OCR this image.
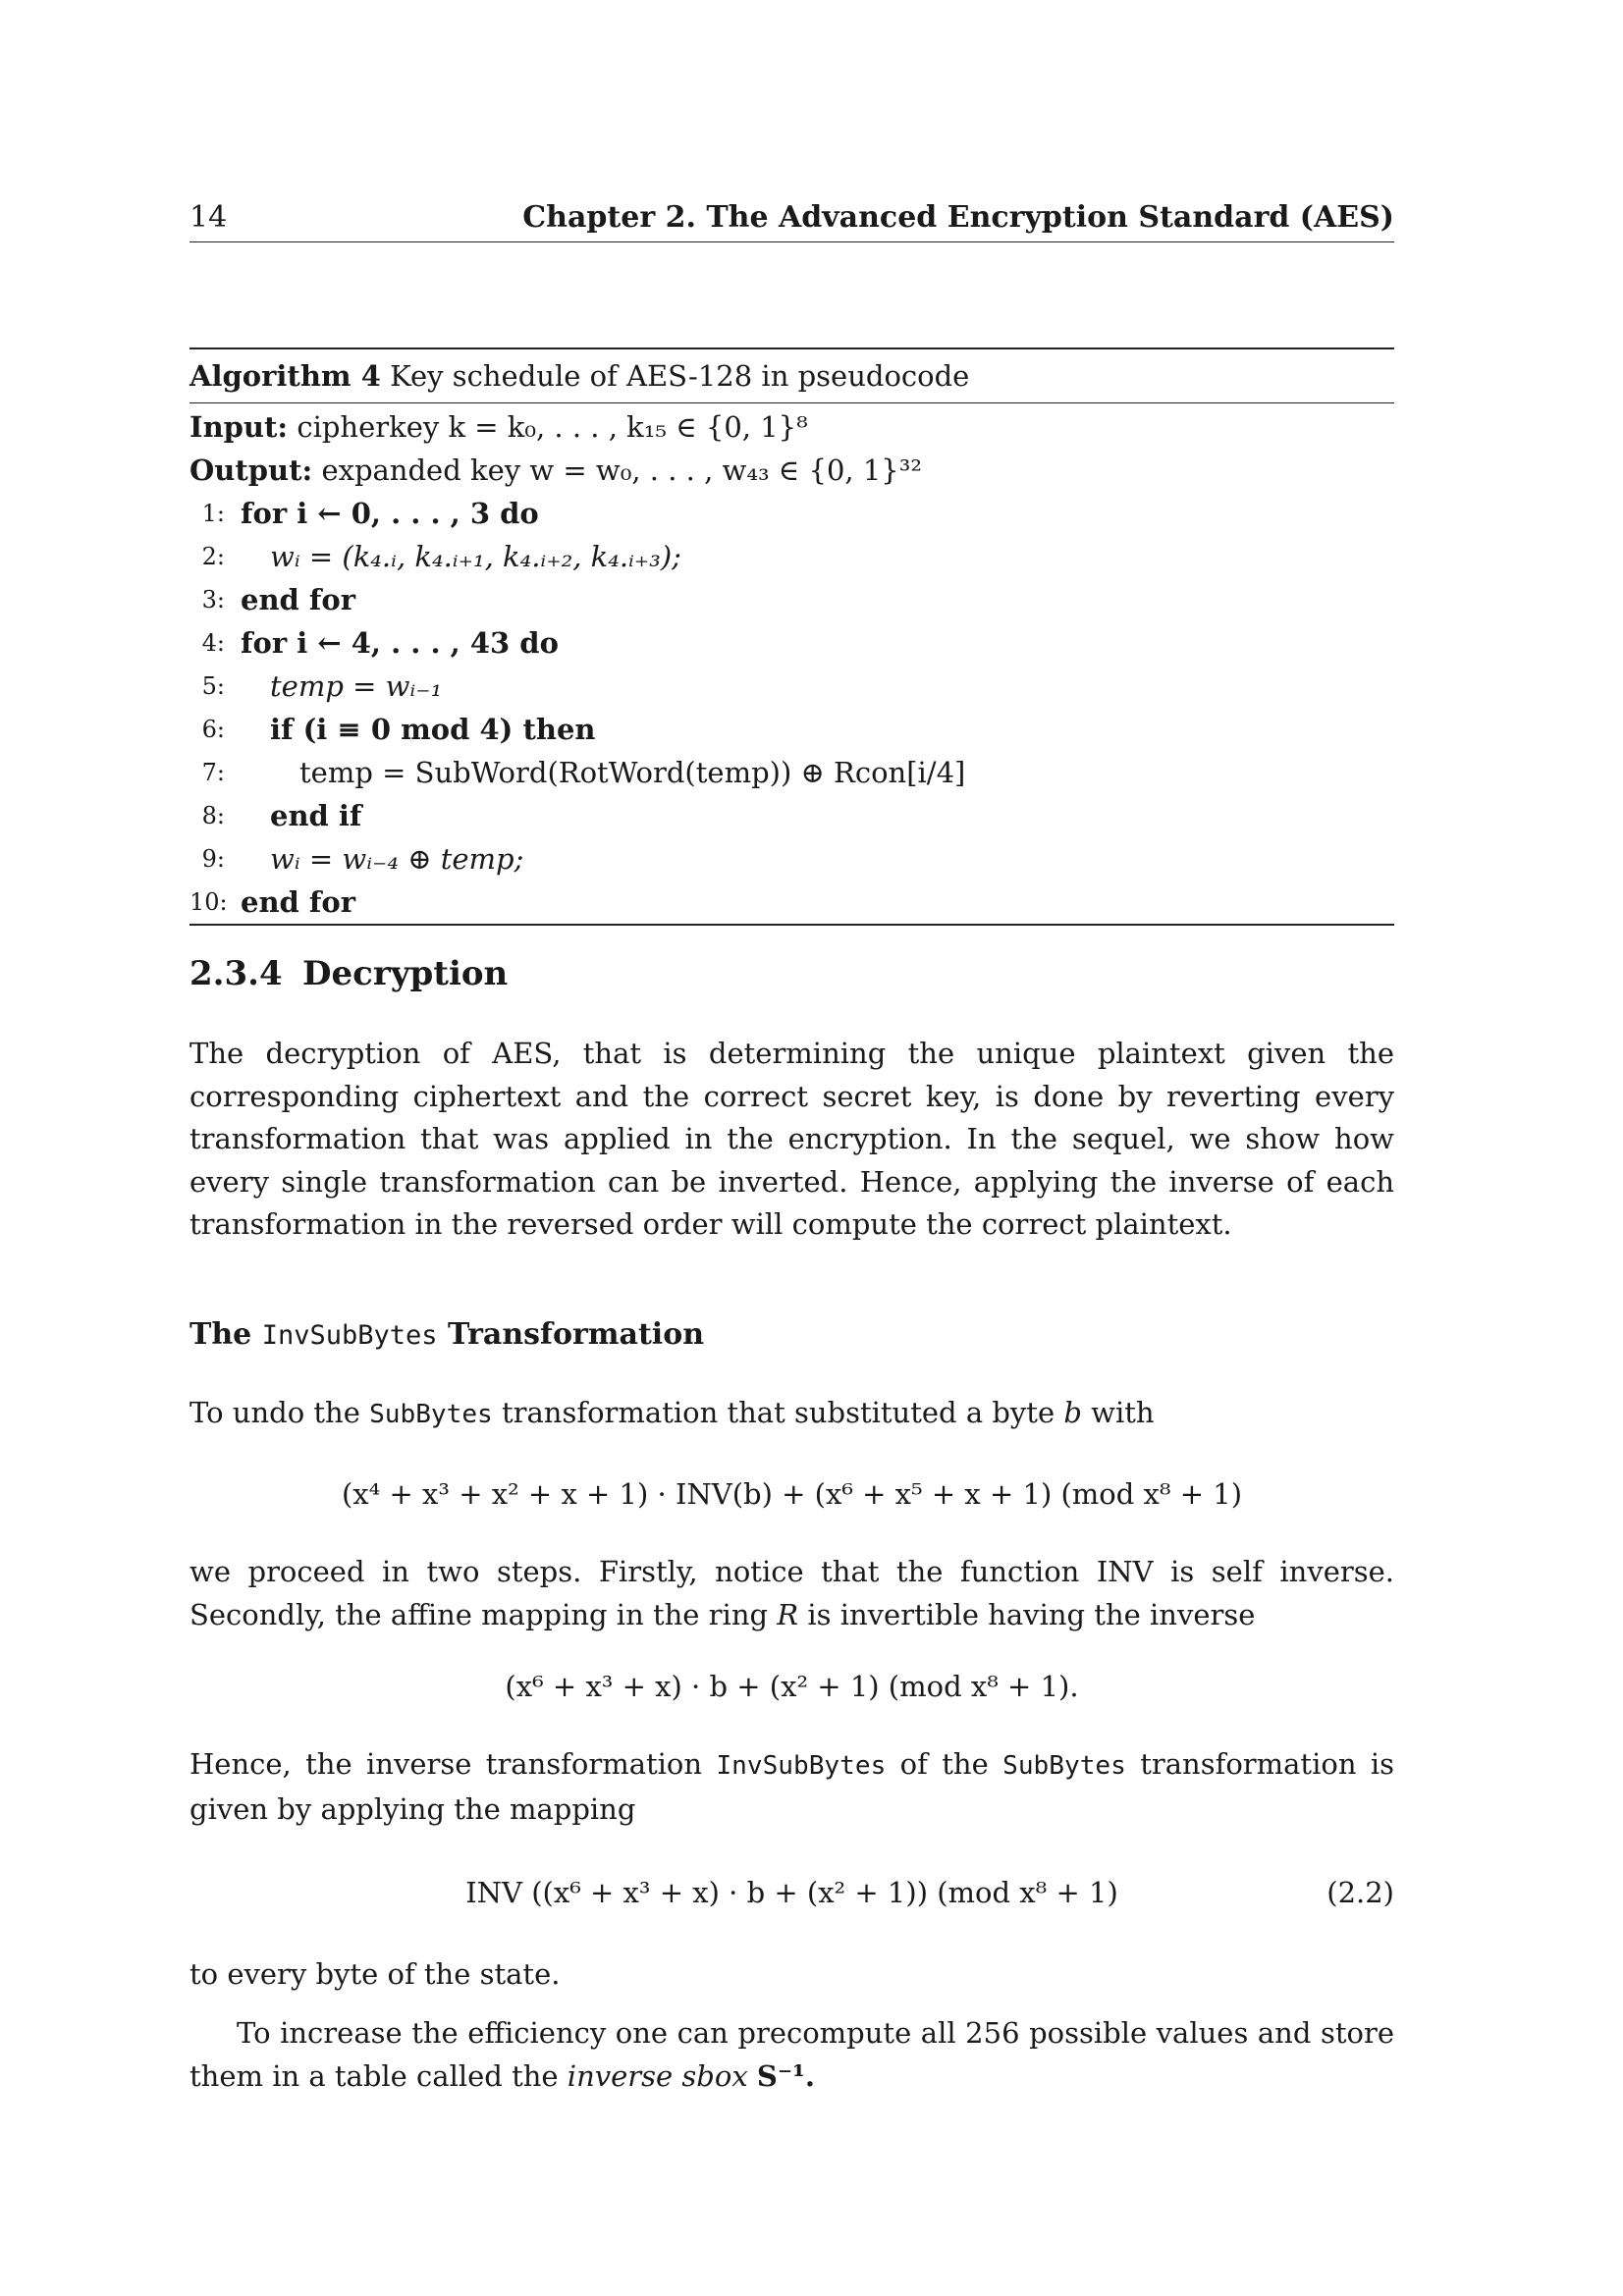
14	Chapter 2. The Advanced Encryption Standard (AES)
Algorithm 4 Key schedule of AES-128 in pseudocode
Input: cipherkey k = k₀, . . . , k₁₅ ∈ {0, 1}⁸
Output: expanded key w = w₀, . . . , w₄₃ ∈ {0, 1}³²
1: for i ← 0, . . . , 3 do
2: wᵢ = (k₄.ᵢ, k₄.ᵢ₊₁, k₄.ᵢ₊₂, k₄.ᵢ₊₃);
3: end for
4: for i ← 4, . . . , 43 do
5: temp = wᵢ₋₁
6: if (i ≡ 0 mod 4) then
7:	temp = SubWord(RotWord(temp)) ⊕ Rcon[i/4]
8: end if
9: wᵢ = wᵢ₋₄ ⊕ temp;
10: end for
2.3.4 Decryption

The decryption of AES, that is determining the unique plaintext given the corresponding ciphertext and the correct secret key, is done by reverting every transformation that was applied in the encryption. In the sequel, we show how every single transformation can be inverted. Hence, applying the inverse of each transformation in the reversed order will compute the correct plaintext.

The InvSubBytes Transformation

To undo the SubBytes transformation that substituted a byte b with

(x⁴ + x³ + x² + x + 1) · INV(b) + (x⁶ + x⁵ + x + 1) (mod x⁸ + 1)

we proceed in two steps. Firstly, notice that the function INV is self inverse. Secondly, the affine mapping in the ring R is invertible having the inverse

(x⁶ + x³ + x) · b + (x² + 1) (mod x⁸ + 1).

Hence, the inverse transformation InvSubBytes of the SubBytes transformation is given by applying the mapping

INV ((x⁶ + x³ + x) · b + (x² + 1)) (mod x⁸ + 1)	(2.2)

to every byte of the state.

To increase the efficiency one can precompute all 256 possible values and store them in a table called the inverse sbox S⁻¹.
